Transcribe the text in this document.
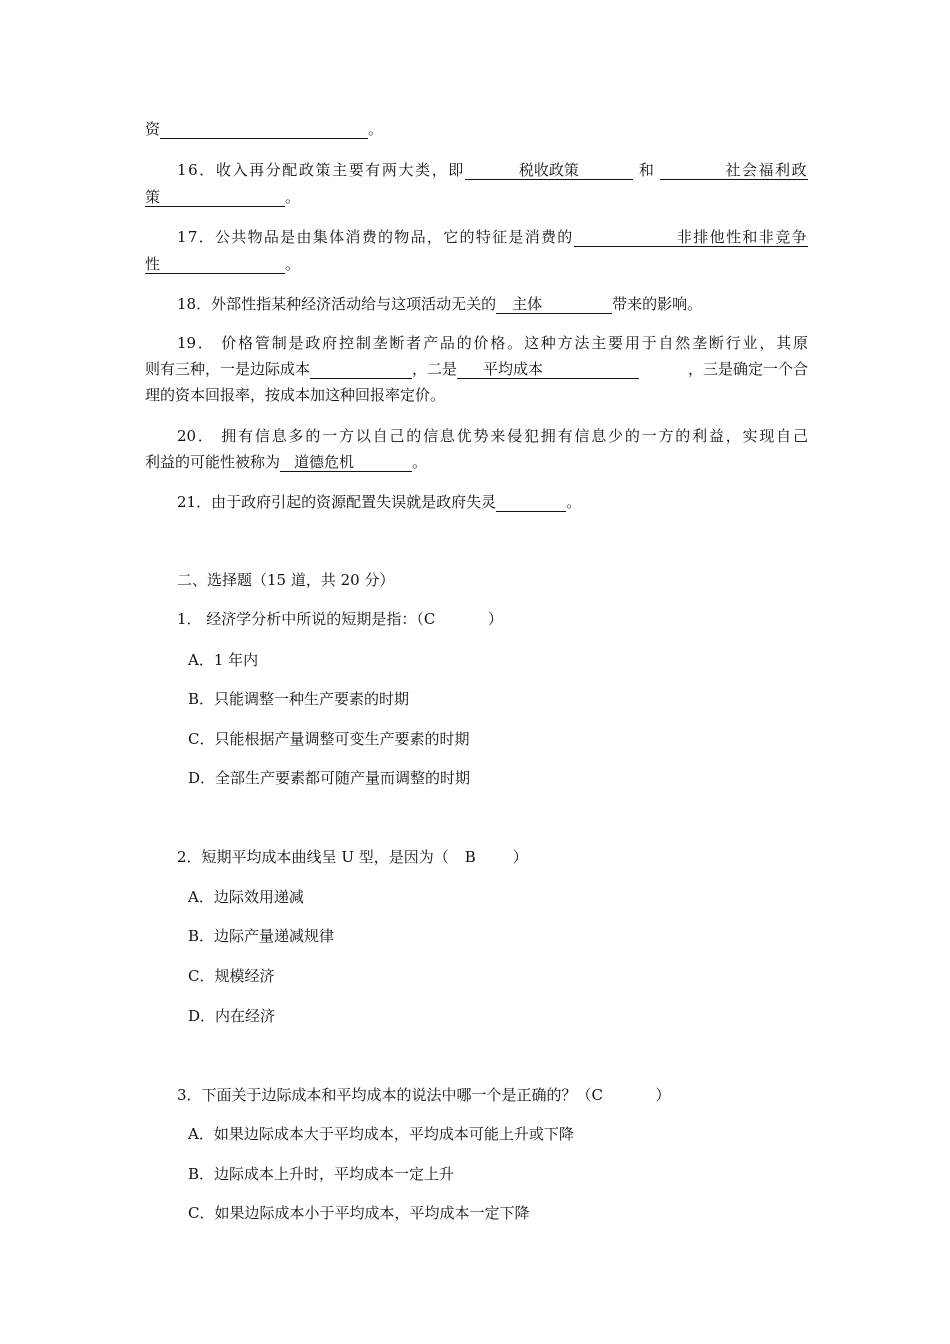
资	。
16．收入再分配政策主要有两大类，即	税收政策	和	社会福利政
策	。
17．公共物品是由集体消费的物品，它的特征是消费的	非排他性和非竞争
性	。
18．外部性指某种经济活动给与这项活动无关的 主体	带来的影响。
19． 价格管制是政府控制垄断者产品的价格。这种方法主要用于自然垄断行业，其原
则有三种，一是边际成本
	，二是	平均成本	，三是确定一个合
理的资本回报率，按成本加这种回报率定价。
20． 拥有信息多的一方以自己的信息优势来侵犯拥有信息少的一方的利益，实现自己
利益的可能性被称为 道德危机	。
21．由于政府引起的资源配置失误就是政府失灵	。
二、选择题（15 道，共 20 分）
1． 经济学分析中所说的短期是指：（C	）
A．1 年内
B．只能调整一种生产要素的时期
C．只能根据产量调整可变生产要素的时期
D．全部生产要素都可随产量而调整的时期
2．短期平均成本曲线呈 U 型，是因为（ B ）
A．边际效用递减
B．边际产量递减规律
C．规模经济
D．内在经济
3．下面关于边际成本和平均成本的说法中哪一个是正确的？（C	）
A．如果边际成本大于平均成本，平均成本可能上升或下降
B．边际成本上升时，平均成本一定上升
C．如果边际成本小于平均成本，平均成本一定下降
